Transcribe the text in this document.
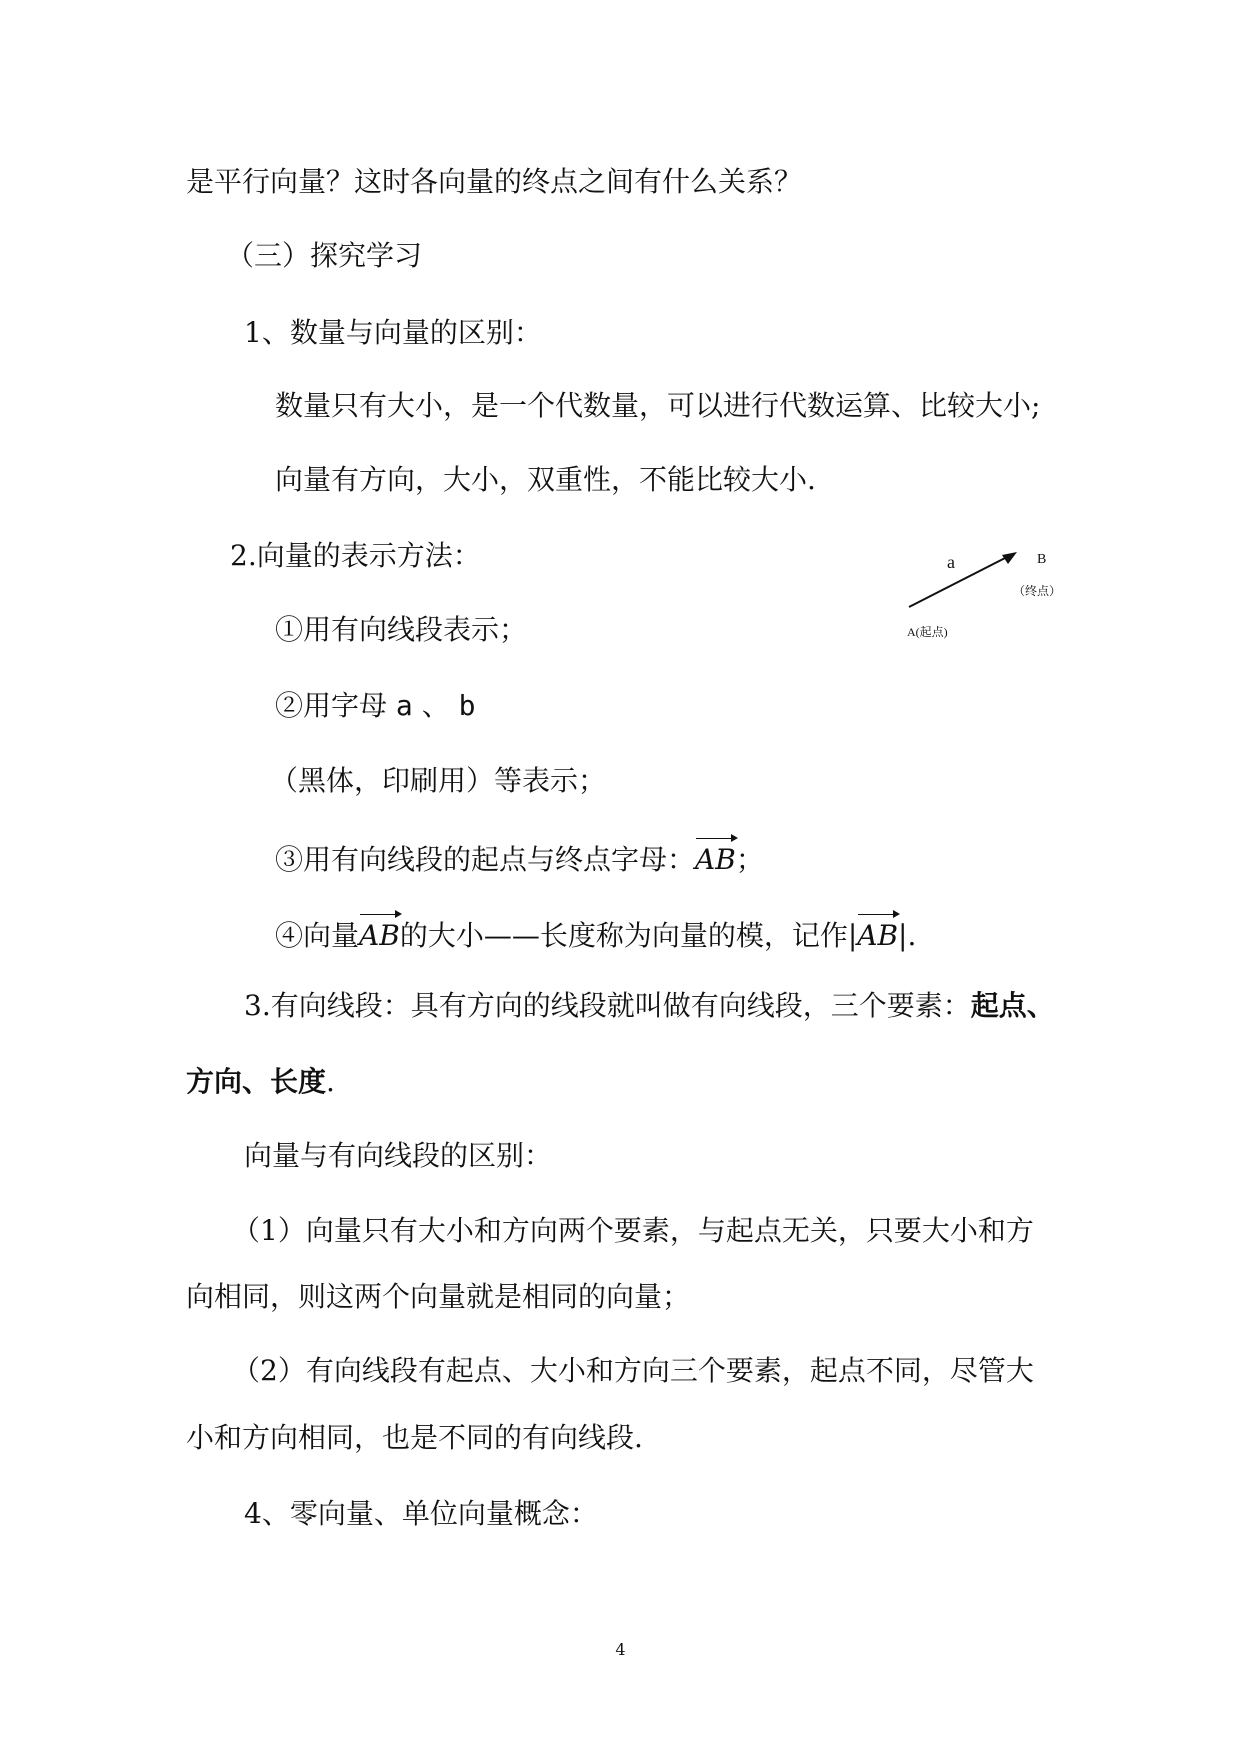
是平行向量？这时各向量的终点之间有什么关系？
（三）探究学习
1、数量与向量的区别：
数量只有大小，是一个代数量，可以进行代数运算、比较大小;
向量有方向，大小，双重性，不能比较大小.
2.向量的表示方法：
①用有向线段表示；
②用字母 a 、 b
（黑体，印刷用）等表示；
③用有向线段的起点与终点字母：AB；
④向量AB的大小——长度称为向量的模，记作|AB|.
3.有向线段：具有方向的线段就叫做有向线段，三个要素：起点、
方向、长度.
向量与有向线段的区别：
（1）向量只有大小和方向两个要素，与起点无关，只要大小和方
向相同，则这两个向量就是相同的向量；
（2）有向线段有起点、大小和方向三个要素，起点不同，尽管大
小和方向相同，也是不同的有向线段.
4、零向量、单位向量概念：
a	B
（终点）
A(起点)
4
